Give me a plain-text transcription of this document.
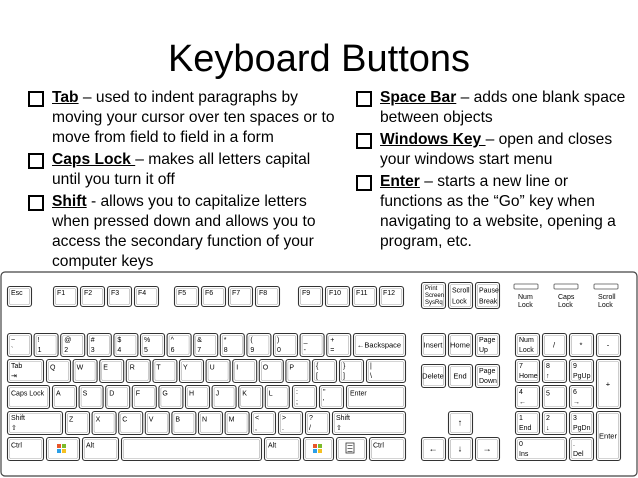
Keyboard Buttons
Tab – used to indent paragraphs by moving your cursor over ten spaces or to move from field to field in a form
Caps Lock – makes all letters capital until you turn it off
Shift - allows you to capitalize letters when pressed down and allows you to access the secondary function of your computer keys
Space Bar – adds one blank space between objects
Windows Key – open and closes your windows start menu
Enter – starts a new line or functions as the “Go” key when navigating to a website, opening a program, etc.
Esc	F1	F2	F3	F4	F5	F6	F7	F8	F9	F10 F11 F12
Print
Screen
SysRq
Scroll
Lock
Pause
Break
Num
Lock
Caps
Lock
Scroll
Lock
~
`
!
1
@
2
#
3
$
4
%
5
^
6
&
7
*
8
(
9
)
0
_
-
+
=
←Backspace
Tab
⇥
Q	W	E	R	T	Y	U	I	O	P	{
[
}
]
|
\
Caps Lock A	S	D	F	G	H	J	K	L	:
;
"
'
Enter
Shift
⇧
Z	X	C	V	B	N	M	<
,
>
.
?
/
Shift
⇧
Ctrl	Alt	Alt	Ctrl
Insert Home Page
Up
Delete End Page
Down
↑
← ↓ →
Num
Lock
/	*	-
7
Home
8
↑
9
PgUp
+
4
←
5	6
→
1
End
2
↓
3
PgDn
Enter
0
Ins
.
Del
